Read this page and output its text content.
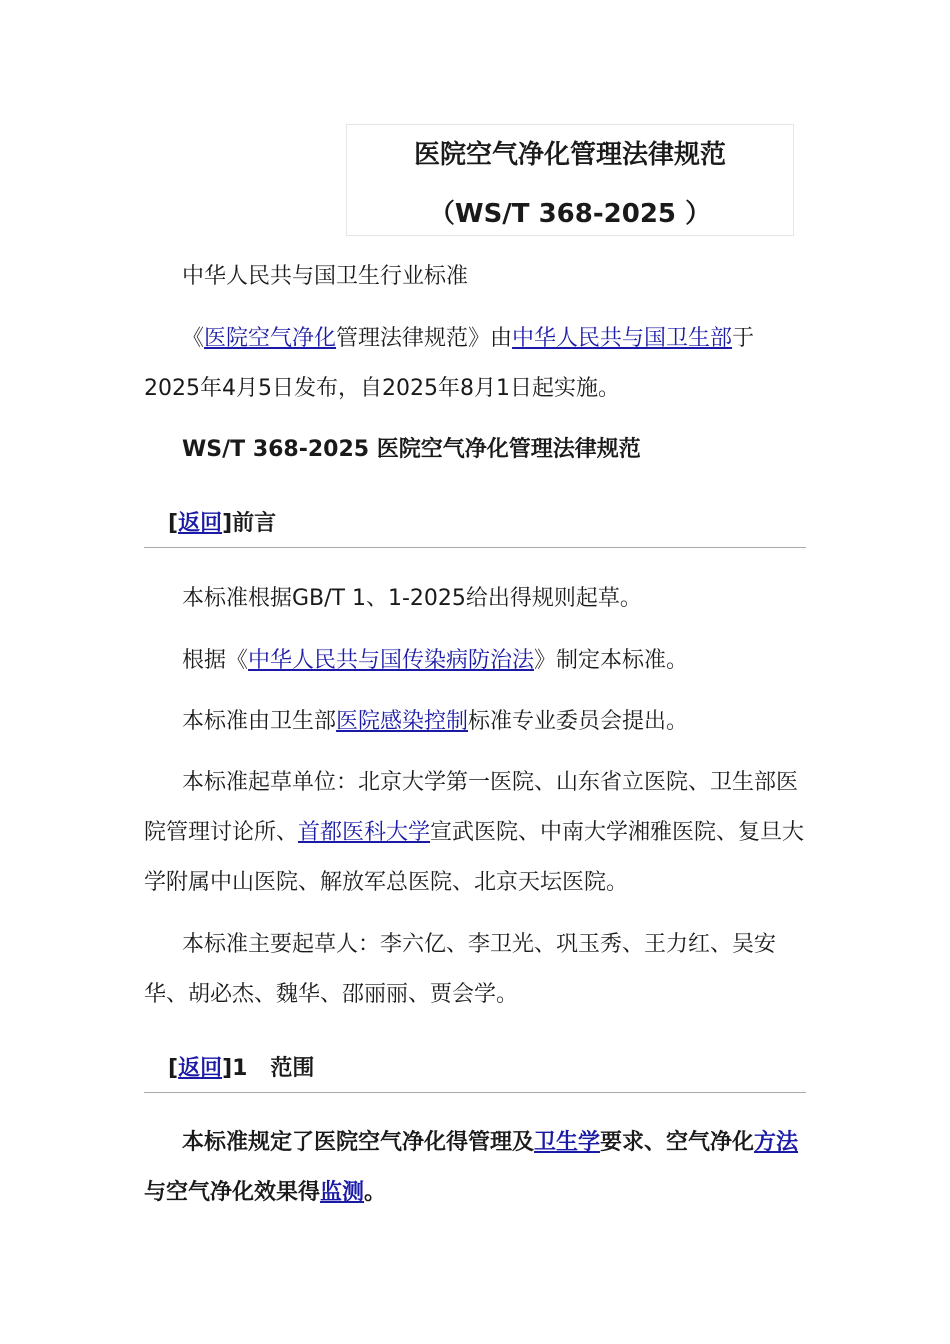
医院空气净化管理法律规范
（WS/T 368-2025 ）

中华人民共与国卫生行业标准

《医院空气净化管理法律规范》由中华人民共与国卫生部于2025年4月5日发布，自2025年8月1日起实施。

WS/T 368-2025 医院空气净化管理法律规范

[返回]前言

本标准根据GB/T 1、1-2025给出得规则起草。

根据《中华人民共与国传染病防治法》制定本标准。

本标准由卫生部医院感染控制标准专业委员会提出。

本标准起草单位：北京大学第一医院、山东省立医院、卫生部医院管理讨论所、首都医科大学宣武医院、中南大学湘雅医院、复旦大学附属中山医院、解放军总医院、北京天坛医院。

本标准主要起草人：李六亿、李卫光、巩玉秀、王力红、吴安华、胡必杰、魏华、邵丽丽、贾会学。

[返回]1   范围

本标准规定了医院空气净化得管理及卫生学要求、空气净化方法与空气净化效果得监测。
